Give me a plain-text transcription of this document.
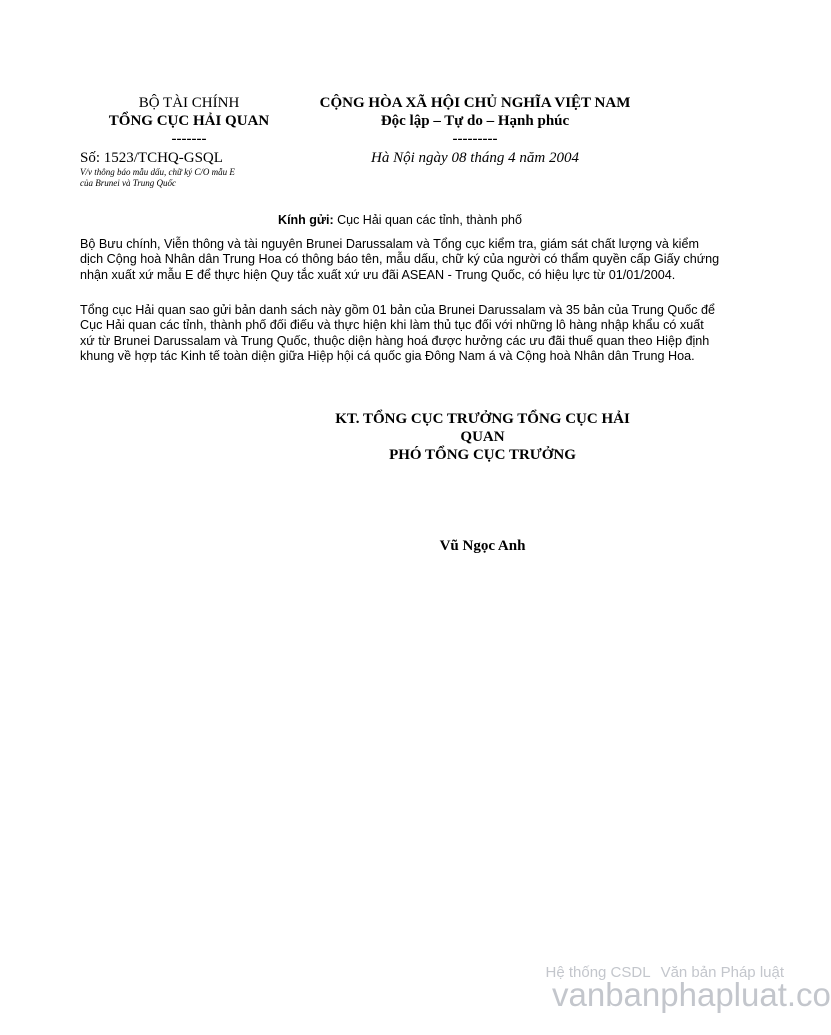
BỘ TÀI CHÍNH
TỔNG CỤC HẢI QUAN
-------
CỘNG HÒA XÃ HỘI CHỦ NGHĨA VIỆT NAM
Độc lập – Tự do – Hạnh phúc
---------
Số: 1523/TCHQ-GSQL
V/v thông báo mẫu dấu, chữ ký C/O mẫu E
của Brunei và Trung Quốc
Hà Nội ngày 08 tháng 4 năm 2004
Kính gửi: Cục Hải quan các tỉnh, thành phố

Bộ Bưu chính, Viễn thông và tài nguyên Brunei Darussalam và Tổng cục kiểm tra, giám sát chất lượng và kiểm dịch Cộng hoà Nhân dân Trung Hoa có thông báo tên, mẫu dấu, chữ ký của người có thẩm quyền cấp Giấy chứng nhận xuất xứ mẫu E để thực hiện Quy tắc xuất xứ ưu đãi ASEAN - Trung Quốc, có hiệu lực từ 01/01/2004.

Tổng cục Hải quan sao gửi bản danh sách này gồm 01 bản của Brunei Darussalam và 35 bản của Trung Quốc để Cục Hải quan các tỉnh, thành phố đối điếu và thực hiện khi làm thủ tục đối với những lô hàng nhập khẩu có xuất xứ từ Brunei Darussalam và Trung Quốc, thuộc diện hàng hoá được hưởng các ưu đãi thuế quan theo Hiệp định khung về hợp tác Kinh tế toàn diện giữa Hiệp hội cá quốc gia Đông Nam á và Cộng hoà Nhân dân Trung Hoa.

KT. TỔNG CỤC TRƯỞNG TỔNG CỤC HẢI
QUAN
PHÓ TỔNG CỤC TRƯỞNG
Vũ Ngọc Anh
Hệ thống CSDL Văn bản Pháp luật
vanbanphapluat.co
